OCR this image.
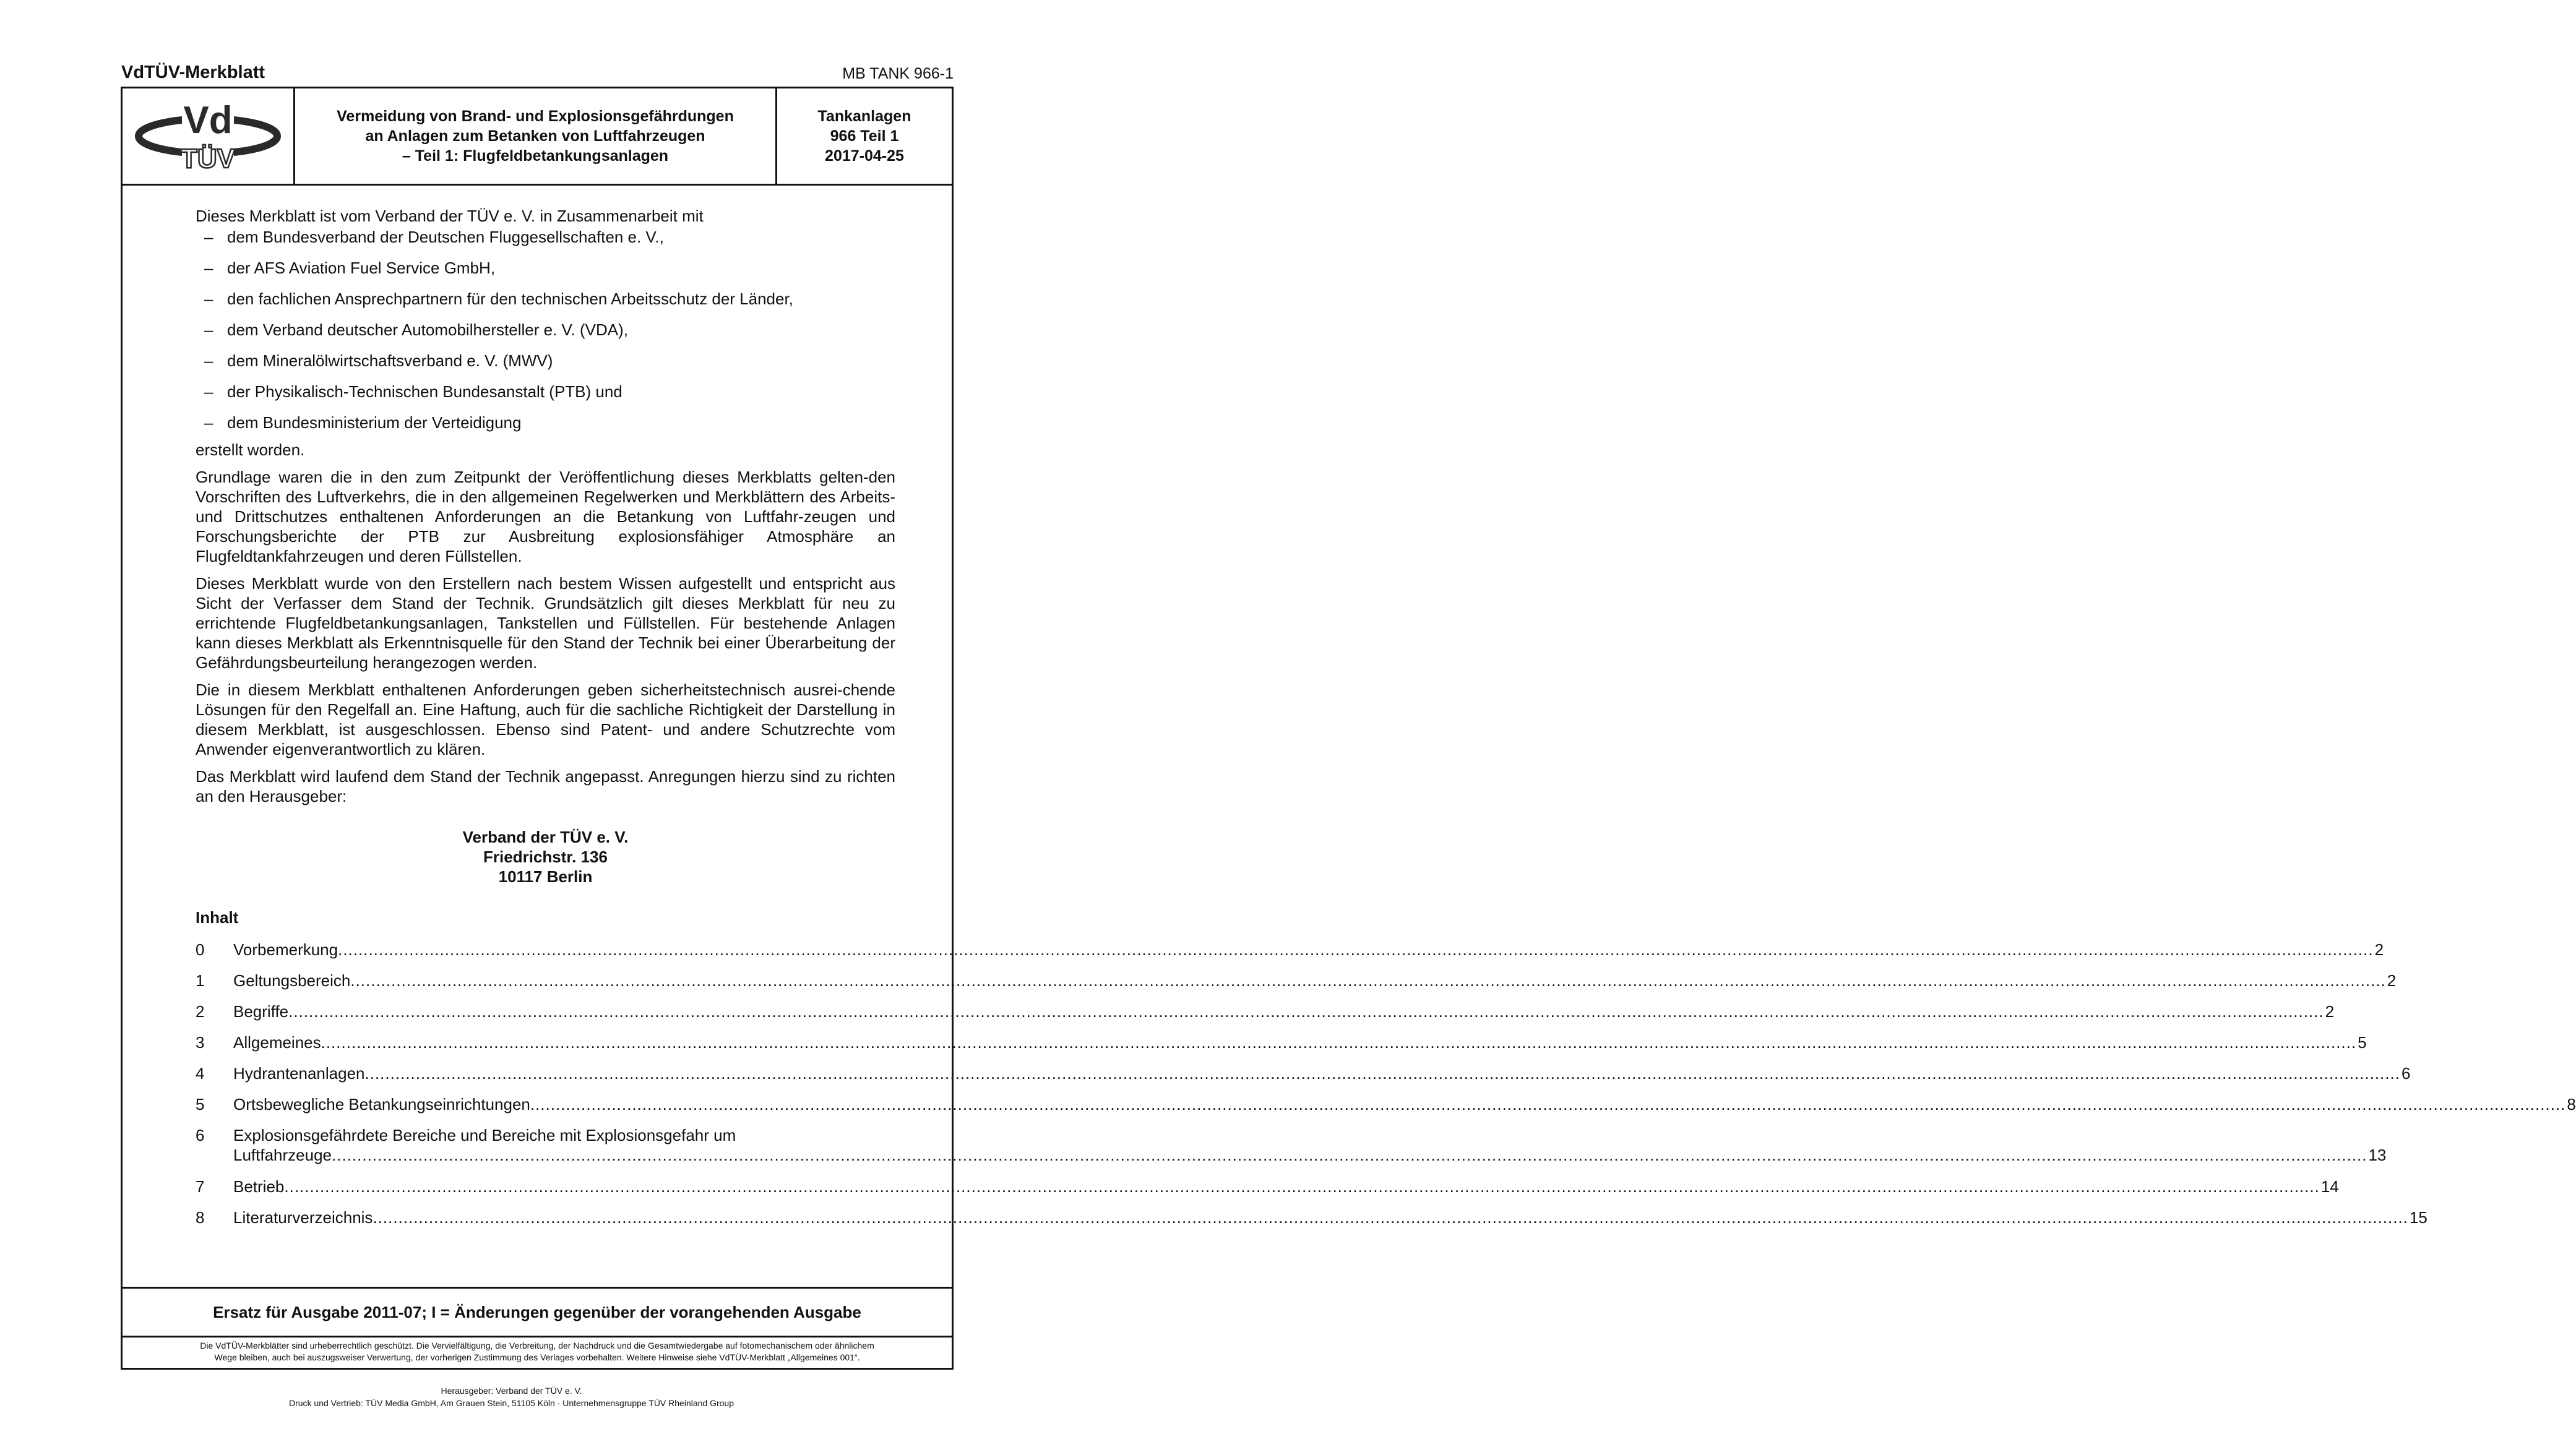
VdTÜV-Merkblatt	MB TANK 966-1
Vd
TÜV
Vermeidung von Brand- und Explosionsgefährdungen
an Anlagen zum Betanken von Luftfahrzeugen
– Teil 1: Flugfeldbetankungsanlagen
Tankanlagen
966 Teil 1
2017-04-25

Dieses Merkblatt ist vom Verband der TÜV e. V. in Zusammenarbeit mit

– dem Bundesverband der Deutschen Fluggesellschaften e. V.,
– der AFS Aviation Fuel Service GmbH,
– den fachlichen Ansprechpartnern für den technischen Arbeitsschutz der Länder,
– dem Verband deutscher Automobilhersteller e. V. (VDA),
– dem Mineralölwirtschaftsverband e. V. (MWV)
– der Physikalisch-Technischen Bundesanstalt (PTB) und
– dem Bundesministerium der Verteidigung

erstellt worden.

Grundlage waren die in den zum Zeitpunkt der Veröffentlichung dieses Merkblatts gelten-den Vorschriften des Luftverkehrs, die in den allgemeinen Regelwerken und Merkblättern des Arbeits- und Drittschutzes enthaltenen Anforderungen an die Betankung von Luftfahr-zeugen und Forschungsberichte der PTB zur Ausbreitung explosionsfähiger Atmosphäre an Flugfeldtankfahrzeugen und deren Füllstellen.

Dieses Merkblatt wurde von den Erstellern nach bestem Wissen aufgestellt und entspricht aus Sicht der Verfasser dem Stand der Technik. Grundsätzlich gilt dieses Merkblatt für neu zu errichtende Flugfeldbetankungsanlagen, Tankstellen und Füllstellen. Für bestehende Anlagen kann dieses Merkblatt als Erkenntnisquelle für den Stand der Technik bei einer Überarbeitung der Gefährdungsbeurteilung herangezogen werden.

Die in diesem Merkblatt enthaltenen Anforderungen geben sicherheitstechnisch ausrei-chende Lösungen für den Regelfall an. Eine Haftung, auch für die sachliche Richtigkeit der Darstellung in diesem Merkblatt, ist ausgeschlossen. Ebenso sind Patent- und andere Schutzrechte vom Anwender eigenverantwortlich zu klären.

Das Merkblatt wird laufend dem Stand der Technik angepasst. Anregungen hierzu sind zu richten an den Herausgeber:

Verband der TÜV e. V.
Friedrichstr. 136
10117 Berlin
Inhalt
0 Vorbemerkung ................................................................................................................................................................................................................................................................................................................................................................................................................ 2
1 Geltungsbereich ................................................................................................................................................................................................................................................................................................................................................................................................................ 2
2 Begriffe ................................................................................................................................................................................................................................................................................................................................................................................................................ 2
3 Allgemeines ................................................................................................................................................................................................................................................................................................................................................................................................................ 5
4 Hydrantenanlagen ................................................................................................................................................................................................................................................................................................................................................................................................................ 6
5 Ortsbewegliche Betankungseinrichtungen ................................................................................................................................................................................................................................................................................................................................................................................................................ 8
6 Explosionsgefährdete Bereiche und Bereiche mit Explosionsgefahr um
Luftfahrzeuge ................................................................................................................................................................................................................................................................................................................................................................................................................ 13
7 Betrieb ................................................................................................................................................................................................................................................................................................................................................................................................................ 14
8 Literaturverzeichnis ................................................................................................................................................................................................................................................................................................................................................................................................................ 15
Ersatz für Ausgabe 2011-07; I = Änderungen gegenüber der vorangehenden Ausgabe
Die VdTÜV-Merkblätter sind urheberrechtlich geschützt. Die Vervielfältigung, die Verbreitung, der Nachdruck und die Gesamtwiedergabe auf fotomechanischem oder ähnlichem
Wege bleiben, auch bei auszugsweiser Verwertung, der vorherigen Zustimmung des Verlages vorbehalten. Weitere Hinweise siehe VdTÜV-Merkblatt „Allgemeines 001“.
Herausgeber: Verband der TÜV e. V.
Druck und Vertrieb: TÜV Media GmbH, Am Grauen Stein, 51105 Köln · Unternehmensgruppe TÜV Rheinland Group
